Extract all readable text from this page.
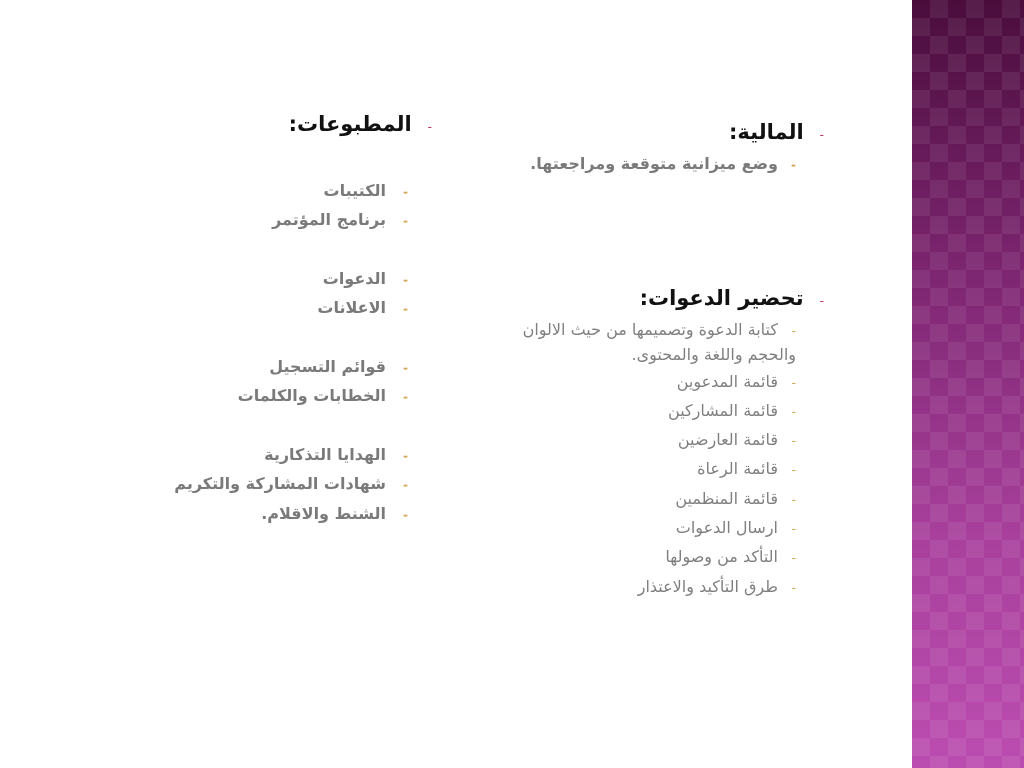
-المالية:
-وضع ميزانية متوقعة ومراجعتها.
-تحضير الدعوات:
-كتابة الدعوة وتصميمها من حيث الالوان والحجم واللغة والمحتوى.
-قائمة المدعوين
-قائمة المشاركين
-قائمة العارضين
-قائمة الرعاة
-قائمة المنظمين
-ارسال الدعوات
-التأكد من وصولها
-طرق التأكيد والاعتذار
-المطبوعات:
-الكتيبات
-برنامج المؤتمر
-الدعوات
-الاعلانات
-قوائم التسجيل
-الخطابات والكلمات
-الهدايا التذكارية
-شهادات المشاركة والتكريم
-الشنط والاقلام.
